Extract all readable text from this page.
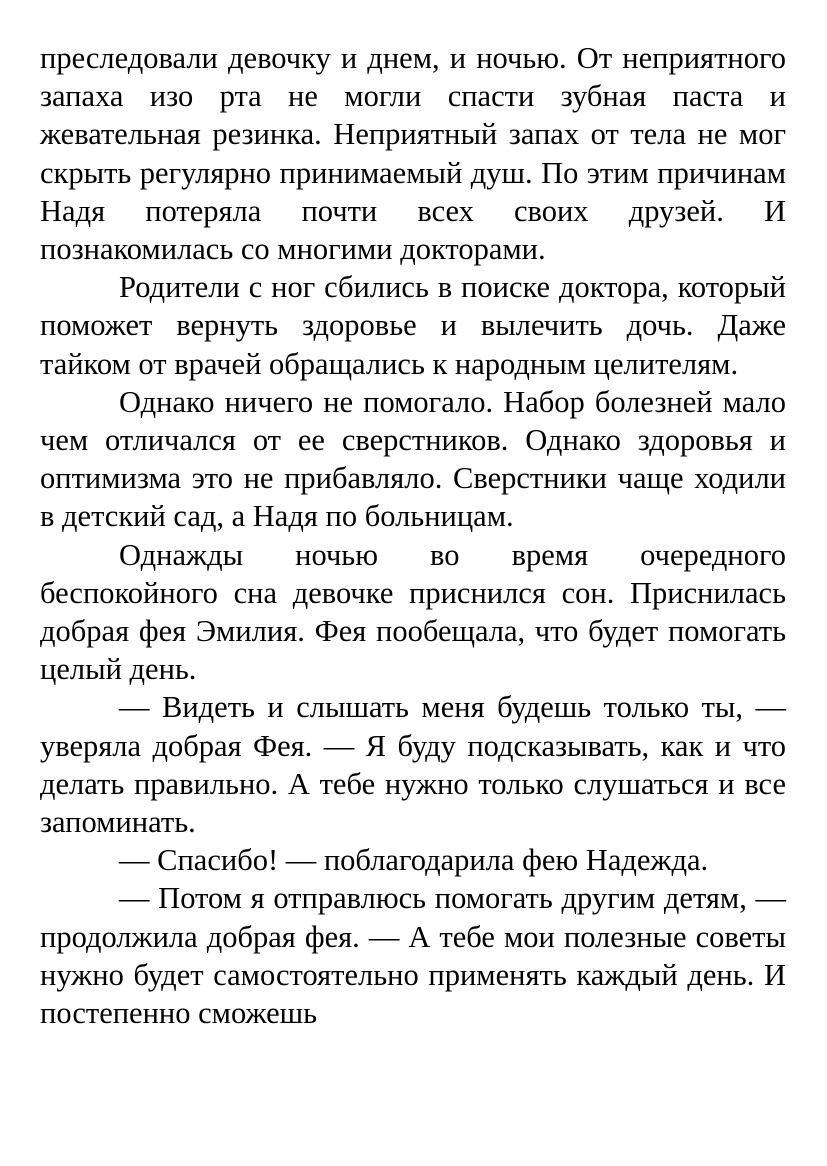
преследовали девочку и днем, и ночью. От неприятного запаха изо рта не могли спасти зубная паста и жевательная резинка. Неприятный запах от тела не мог скрыть регулярно принимаемый душ. По этим причинам Надя потеряла почти всех своих друзей. И познакомилась со многими докторами.

Родители с ног сбились в поиске доктора, который поможет вернуть здоровье и вылечить дочь. Даже тайком от врачей обращались к народным целителям.

Однако ничего не помогало. Набор болезней мало чем отличался от ее сверстников. Однако здоровья и оптимизма это не прибавляло. Сверстники чаще ходили в детский сад, а Надя по больницам.

Однажды ночью во время очередного беспокойного сна девочке приснился сон. Приснилась добрая фея Эмилия. Фея пообещала, что будет помогать целый день.

— Видеть и слышать меня будешь только ты, — уверяла добрая Фея. — Я буду подсказывать, как и что делать правильно. А тебе нужно только слушаться и все запоминать.

— Спасибо! — поблагодарила фею Надежда.

— Потом я отправлюсь помогать другим детям, — продолжила добрая фея. — А тебе мои полезные советы нужно будет самостоятельно применять каждый день. И постепенно сможешь
